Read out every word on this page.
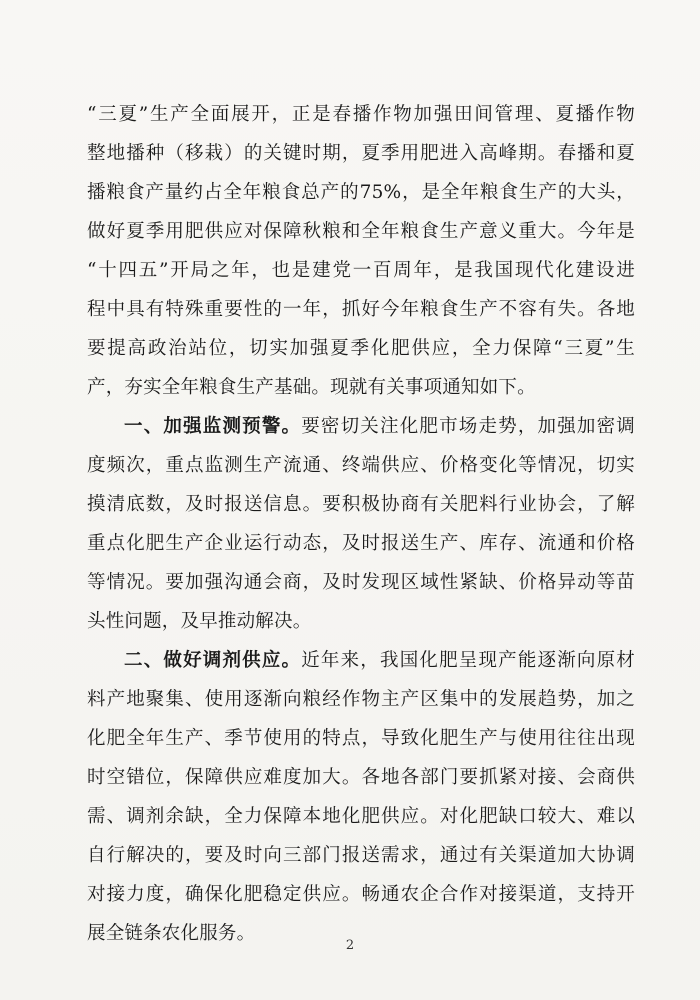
“三夏”生产全面展开，正是春播作物加强田间管理、夏播作物
整地播种（移栽）的关键时期，夏季用肥进入高峰期。春播和夏
播粮食产量约占全年粮食总产的75%，是全年粮食生产的大头，
做好夏季用肥供应对保障秋粮和全年粮食生产意义重大。今年是
“十四五”开局之年，也是建党一百周年，是我国现代化建设进
程中具有特殊重要性的一年，抓好今年粮食生产不容有失。各地
要提高政治站位，切实加强夏季化肥供应，全力保障“三夏”生
产，夯实全年粮食生产基础。现就有关事项通知如下。
一、加强监测预警。要密切关注化肥市场走势，加强加密调
度频次，重点监测生产流通、终端供应、价格变化等情况，切实
摸清底数，及时报送信息。要积极协商有关肥料行业协会，了解
重点化肥生产企业运行动态，及时报送生产、库存、流通和价格
等情况。要加强沟通会商，及时发现区域性紧缺、价格异动等苗
头性问题，及早推动解决。
二、做好调剂供应。近年来，我国化肥呈现产能逐渐向原材
料产地聚集、使用逐渐向粮经作物主产区集中的发展趋势，加之
化肥全年生产、季节使用的特点，导致化肥生产与使用往往出现
时空错位，保障供应难度加大。各地各部门要抓紧对接、会商供
需、调剂余缺，全力保障本地化肥供应。对化肥缺口较大、难以
自行解决的，要及时向三部门报送需求，通过有关渠道加大协调
对接力度，确保化肥稳定供应。畅通农企合作对接渠道，支持开
展全链条农化服务。
2
